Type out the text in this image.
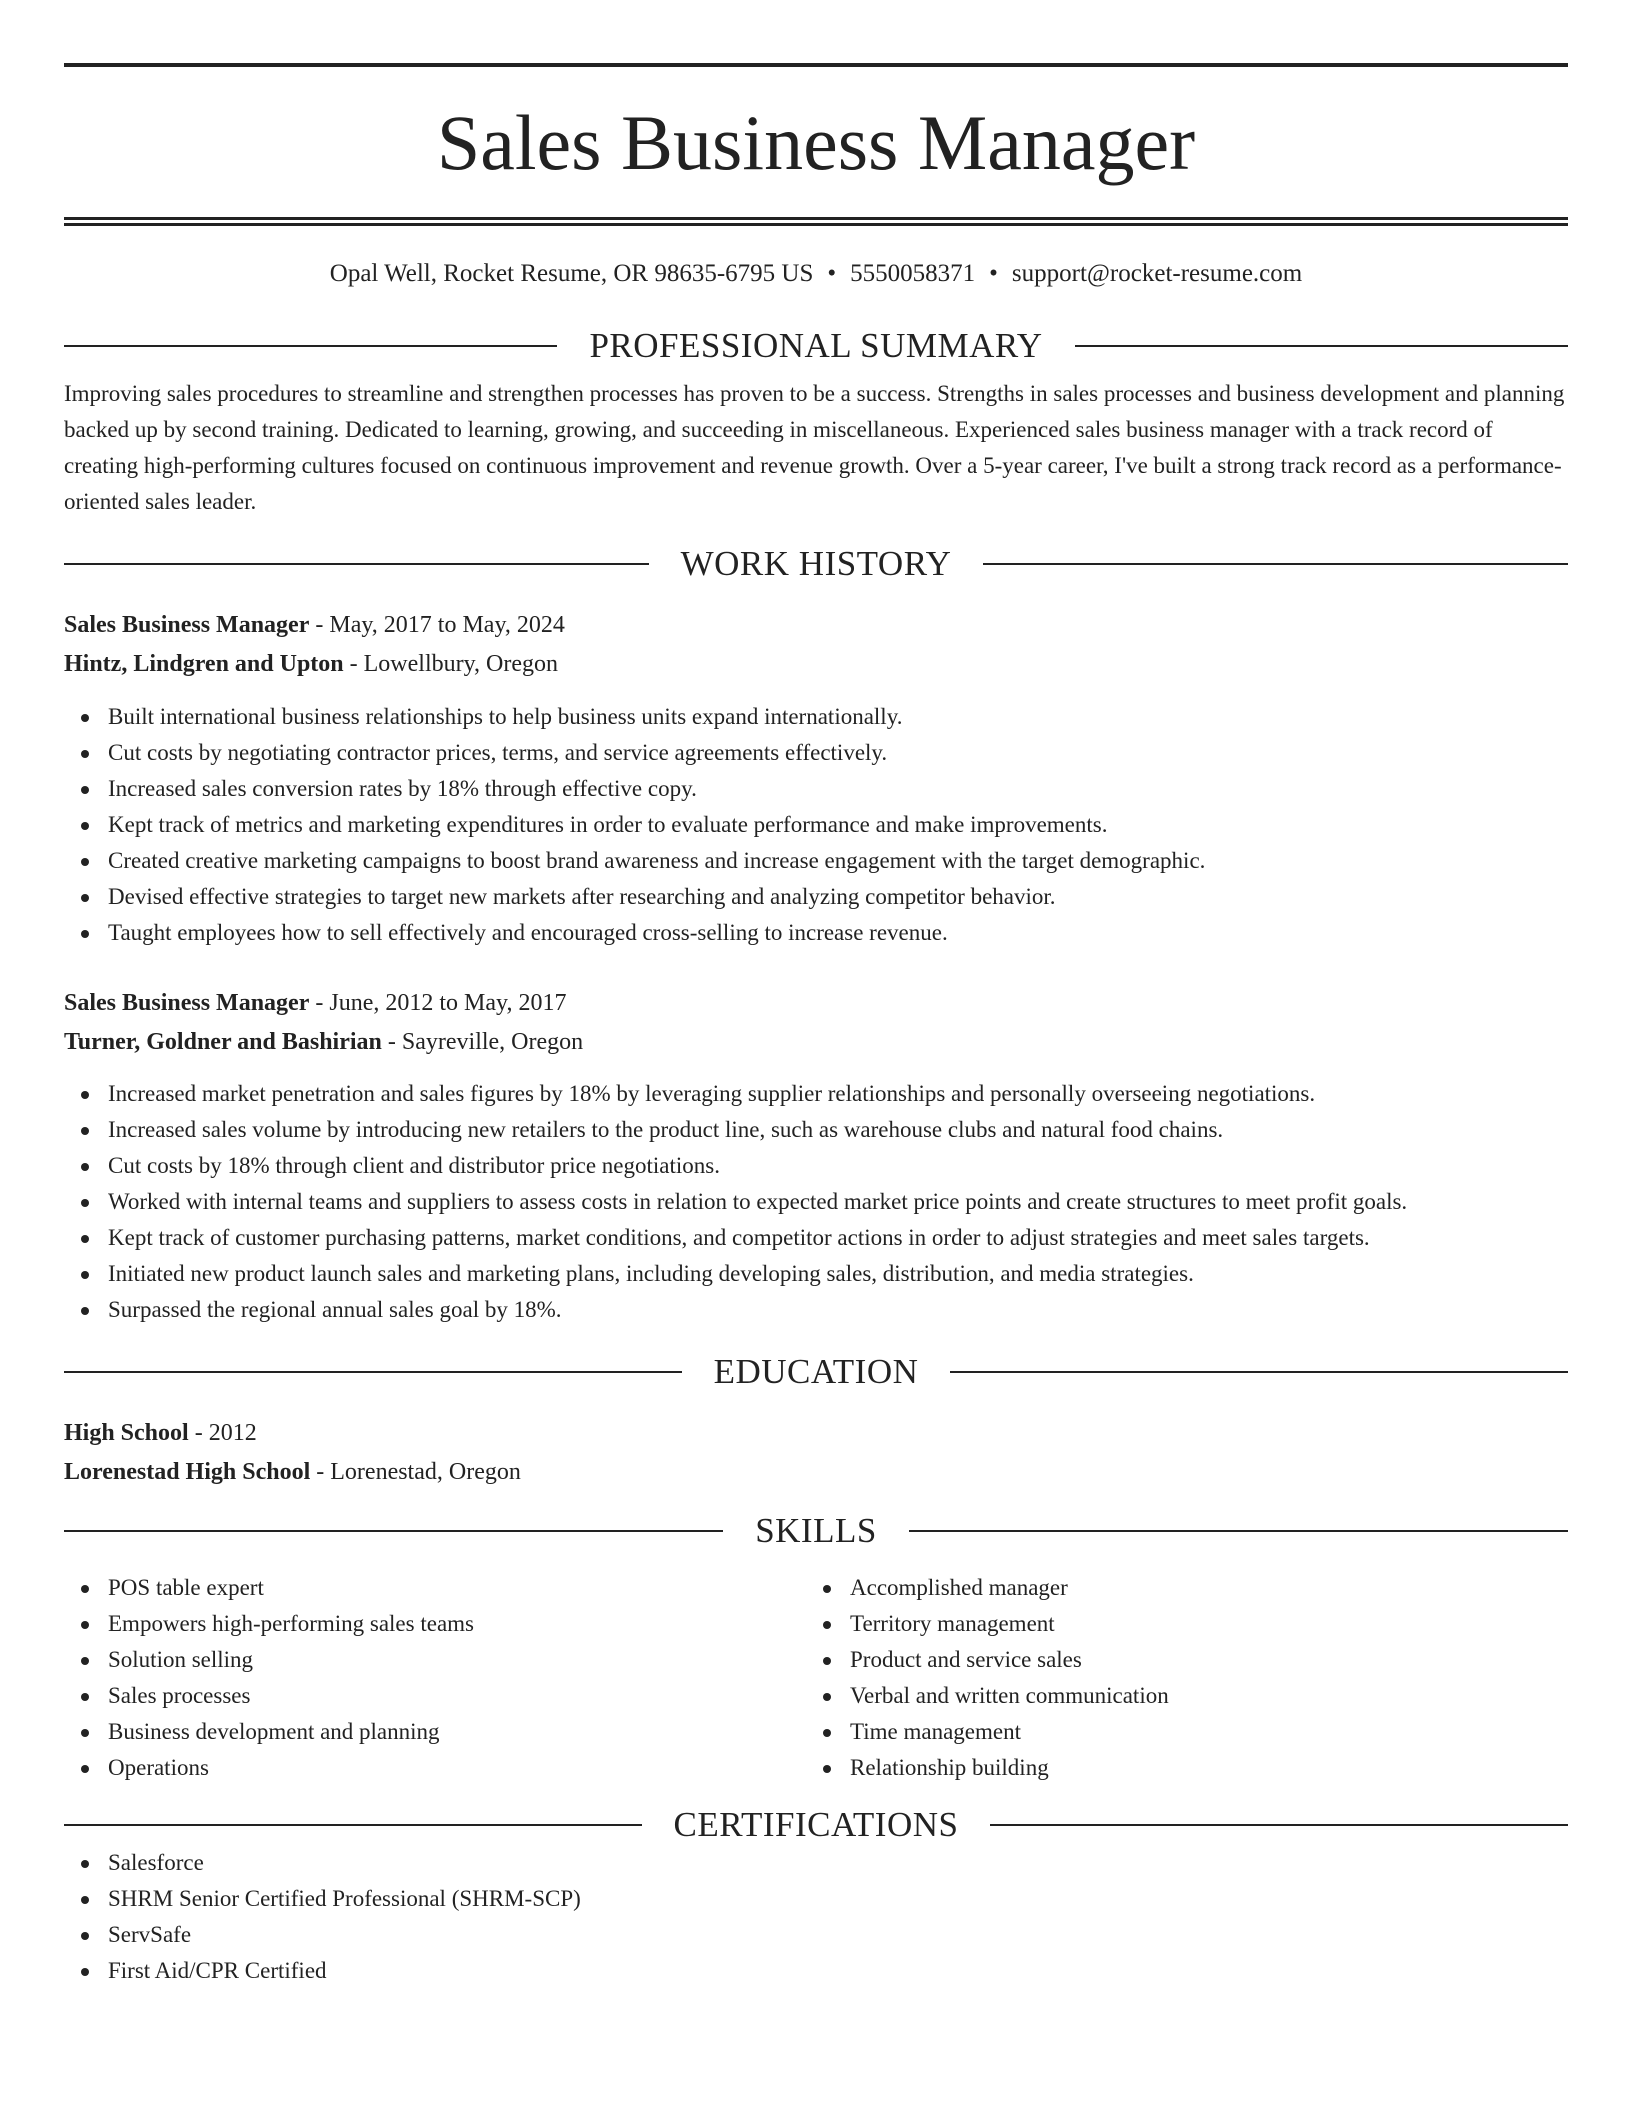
Sales Business Manager
Opal Well, Rocket Resume, OR 98635-6795 US • 5550058371 • support@rocket-resume.com
PROFESSIONAL SUMMARY
Improving sales procedures to streamline and strengthen processes has proven to be a success. Strengths in sales processes and business development and planning backed up by second training. Dedicated to learning, growing, and succeeding in miscellaneous. Experienced sales business manager with a track record of creating high-performing cultures focused on continuous improvement and revenue growth. Over a 5-year career, I've built a strong track record as a performance-oriented sales leader.
WORK HISTORY
Sales Business Manager - May, 2017 to May, 2024
Hintz, Lindgren and Upton - Lowellbury, Oregon
Built international business relationships to help business units expand internationally.
Cut costs by negotiating contractor prices, terms, and service agreements effectively.
Increased sales conversion rates by 18% through effective copy.
Kept track of metrics and marketing expenditures in order to evaluate performance and make improvements.
Created creative marketing campaigns to boost brand awareness and increase engagement with the target demographic.
Devised effective strategies to target new markets after researching and analyzing competitor behavior.
Taught employees how to sell effectively and encouraged cross-selling to increase revenue.
Sales Business Manager - June, 2012 to May, 2017
Turner, Goldner and Bashirian - Sayreville, Oregon
Increased market penetration and sales figures by 18% by leveraging supplier relationships and personally overseeing negotiations.
Increased sales volume by introducing new retailers to the product line, such as warehouse clubs and natural food chains.
Cut costs by 18% through client and distributor price negotiations.
Worked with internal teams and suppliers to assess costs in relation to expected market price points and create structures to meet profit goals.
Kept track of customer purchasing patterns, market conditions, and competitor actions in order to adjust strategies and meet sales targets.
Initiated new product launch sales and marketing plans, including developing sales, distribution, and media strategies.
Surpassed the regional annual sales goal by 18%.
EDUCATION
High School - 2012
Lorenestad High School - Lorenestad, Oregon
SKILLS
POS table expert
Empowers high-performing sales teams
Solution selling
Sales processes
Business development and planning
Operations
Accomplished manager
Territory management
Product and service sales
Verbal and written communication
Time management
Relationship building
CERTIFICATIONS
Salesforce
SHRM Senior Certified Professional (SHRM-SCP)
ServSafe
First Aid/CPR Certified
